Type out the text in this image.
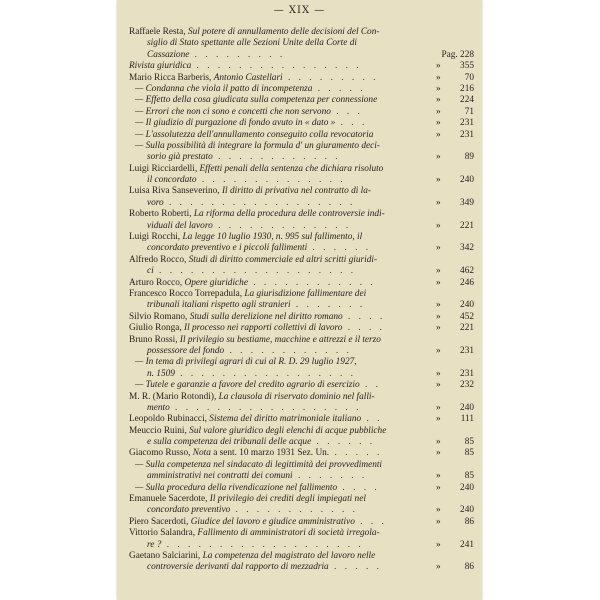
— XIX —
Raffaele Resta, Sul potere di annullamento delle decisioni del Con-
siglio di Stato spettante alle Sezioni Unite della Corte di
Cassazione . . . . . . . . .	Pag. 228
Rivista giuridica . . . . . . . . . . . . . . . .	» 355
Mario Ricca Barberis, Antonio Castellari . . . . . . . . .	»	70
— Condanna che viola il patto di incompetenza . . . . .	» 216
— Effetto della cosa giudicata sulla competenza per connessione	» 224
— Errori che non ci sono e concetti che non servono . . .	»	71
— Il giudizio di purgazione di fondo avuto in « dato » . . .	» 231
— L'assolutezza dell'annullamento conseguito colla revocatoria	» 231
— Sulla possibilità di integrare la formula d' un giuramento deci-
sorio già prestato . . . . . . . . . . . .	»	89
Luigi Ricciardelli, Effetti penali della sentenza che dichiara risoluto
il concordato . . . . . . . . . . . . . .	» 240
Luisa Riva Sanseverino, Il diritto di privativa nel contratto di la-
voro . . . . . . . . . . . . . . . . . .	» 349
Roberto Roberti, La riforma della procedura delle controversie indi-
viduali del lavoro . . . . . . . . . . . . .	» 221
Luigi Rocchi, La legge 10 luglio 1930, n. 995 sul fallimento, il
concordato preventivo e i piccoli fallimenti . . . . . .	» 342
Alfredo Rocco, Studi di diritto commerciale ed altri scritti giuridi-
ci . . . . . . . . . . . . . . . . . . .	» 462
Arturo Rocco, Opere giuridiche . . . . . . . . . . . .	» 246
Francesco Rocco Torrepadula, La giurisdizione fallimentare dei
tribunali italiani rispetto agli stranieri . . . . . . .	» 240
Silvio Romano, Studi sulla derelizione nel diritto romano . . . .	» 452
Giulio Ronga, Il processo nei rapporti collettivi di lavoro . . . .	» 221
Bruno Rossi, Il privilegio su bestiame, macchine e attrezzi e il terzo
possessore del fondo . . . . . . . . . . . .	» 231
— In tema di privilegi agrari di cui al R. D. 29 luglio 1927,
n. 1509 . . . . . . . . . . . . . . . . .	» 231
— Tutele e garanzie a favore del credito agrario di esercizio . .	» 232
M. R. (Mario Rotondi), La clausola di riservato dominio nel falli-
mento . . . . . . . . . . . . . . . . . .	» 240
Leopoldo Rubinacci, Sistema del diritto matrimoniale italiano . .	» 111
Meuccio Ruini, Sul valore giuridico degli elenchi di acque pubbliche
e sulla competenza dei tribunali delle acque . . . . . .	»	85
Giacomo Russo, Nota a sent. 10 marzo 1931 Sez. Un. . . . . .	»	85
— Sulla competenza nel sindacato di legittimità dei provvedimenti
amministrativi nei contratti dei comuni . . . . . . .	»	85
— Sulla procedura della rivendicazione nel fallimento . . . .	» 240
Emanuele Sacerdote, Il privilegio dei crediti degli impiegati nel
concordato preventivo . . . . . . . . . . . .	» 240
Piero Sacerdoti, Giudice del lavoro e giudice amministrativo . . .	»	86
Vittorio Salandra, Fallimento di amministratori di società irregola-
re ? . . . . . . . . . . . . . . . . . . .	» 241
Gaetano Salciarini, La competenza del magistrato del lavoro nelle
controversie derivanti dal rapporto di mezzadria . . . . .	»	86
